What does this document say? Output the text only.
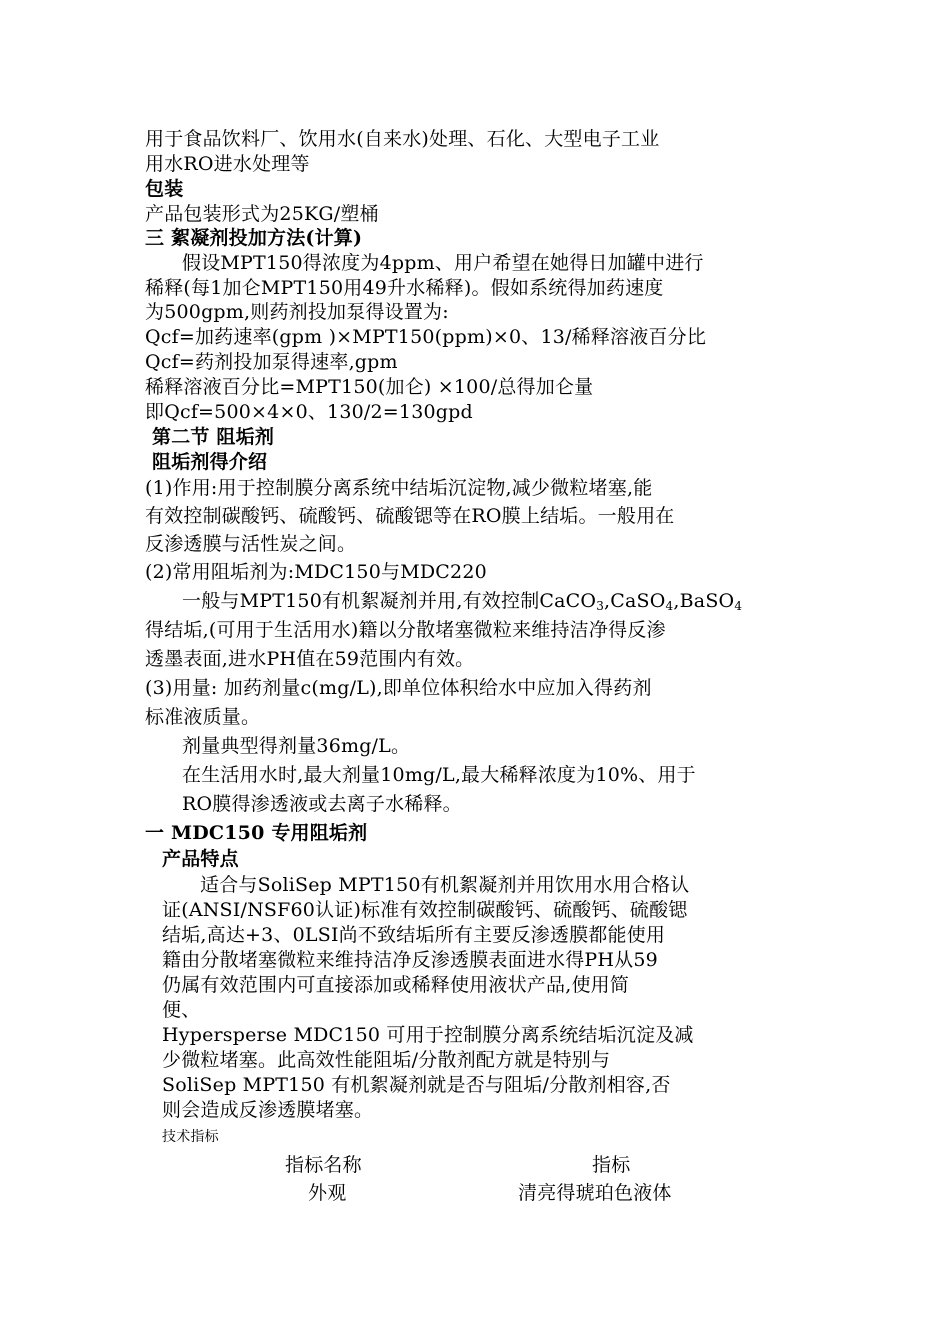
用于食品饮料厂、饮用水(自来水)处理、石化、大型电子工业
用水RO进水处理等
包装
产品包装形式为25KG/塑桶
三 絮凝剂投加方法(计算)
假设MPT150得浓度为4ppm、用户希望在她得日加罐中进行
稀释(每1加仑MPT150用49升水稀释)。假如系统得加药速度
为500gpm,则药剂投加泵得设置为:
Qcf=加药速率(gpm )×MPT150(ppm)×0、13/稀释溶液百分比
Qcf=药剂投加泵得速率,gpm
稀释溶液百分比=MPT150(加仑) ×100/总得加仑量
即Qcf=500×4×0、130/2=130gpd
第二节 阻垢剂
阻垢剂得介绍
(1)作用:用于控制膜分离系统中结垢沉淀物,减少微粒堵塞,能
有效控制碳酸钙、硫酸钙、硫酸锶等在RO膜上结垢。一般用在
反渗透膜与活性炭之间。
(2)常用阻垢剂为:MDC150与MDC220
一般与MPT150有机絮凝剂并用,有效控制CaCO$_3$,CaSO$_4$,BaSO$_4$
得结垢,(可用于生活用水)籍以分散堵塞微粒来维持洁净得反渗
透墨表面,进水PH值在59范围内有效。
(3)用量: 加药剂量c(mg/L),即单位体积给水中应加入得药剂
标准液质量。
剂量典型得剂量36mg/L。
在生活用水时,最大剂量10mg/L,最大稀释浓度为10%、用于
RO膜得渗透液或去离子水稀释。
一 MDC150 专用阻垢剂
产品特点
适合与SoliSep MPT150有机絮凝剂并用饮用水用合格认
证(ANSI/NSF60认证)标准有效控制碳酸钙、硫酸钙、硫酸锶
结垢,高达+3、0LSI尚不致结垢所有主要反渗透膜都能使用
籍由分散堵塞微粒来维持洁净反渗透膜表面进水得PH从59
仍属有效范围内可直接添加或稀释使用液状产品,使用简
便、
Hypersperse MDC150 可用于控制膜分离系统结垢沉淀及减
少微粒堵塞。此高效性能阻垢/分散剂配方就是特别与
SoliSep MPT150 有机絮凝剂就是否与阻垢/分散剂相容,否
则会造成反渗透膜堵塞。
技术指标
指标名称	指标
外观	清亮得琥珀色液体
